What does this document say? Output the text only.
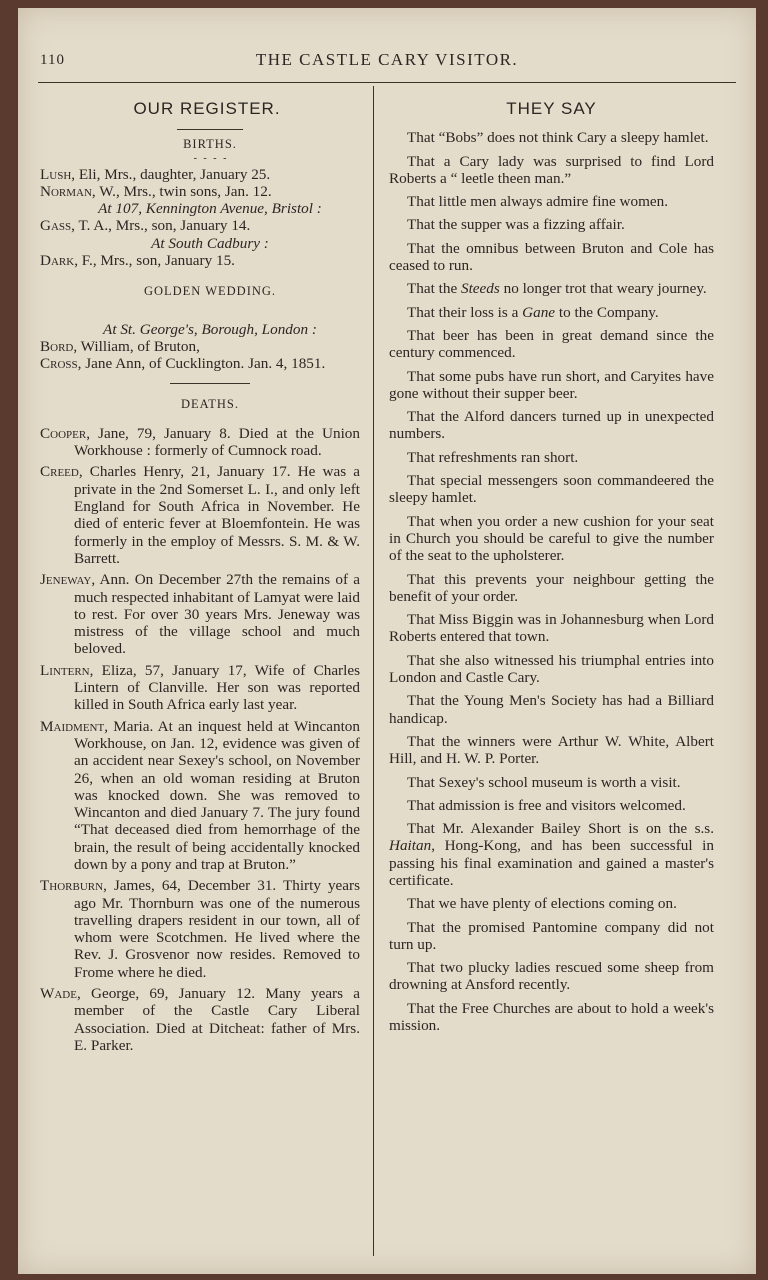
110	THE CASTLE CARY VISITOR.
OUR REGISTER.

BIRTHS.

- - - -

Lush, Eli, Mrs., daughter, January 25.

Norman, W., Mrs., twin sons, Jan. 12.

At 107, Kennington Avenue, Bristol :

Gass, T. A., Mrs., son, January 14.

At South Cadbury :

Dark, F., Mrs., son, January 15.

GOLDEN WEDDING.

At St. George's, Borough, London :

Bord, William, of Bruton,

Cross, Jane Ann, of Cucklington. Jan. 4, 1851.

DEATHS.

Cooper, Jane, 79, January 8. Died at the Union Workhouse : formerly of Cumnock road.

Creed, Charles Henry, 21, January 17. He was a private in the 2nd Somerset L. I., and only left England for South Africa in November. He died of enteric fever at Bloemfontein. He was formerly in the employ of Messrs. S. M. & W. Barrett.

Jeneway, Ann. On December 27th the remains of a much respected inhabitant of Lamyat were laid to rest. For over 30 years Mrs. Jeneway was mistress of the village school and much beloved.

Lintern, Eliza, 57, January 17, Wife of Charles Lintern of Clanville. Her son was reported killed in South Africa early last year.

Maidment, Maria. At an inquest held at Wincanton Workhouse, on Jan. 12, evidence was given of an accident near Sexey's school, on November 26, when an old woman residing at Bruton was knocked down. She was removed to Wincanton and died January 7. The jury found “That deceased died from hemorrhage of the brain, the result of being accidentally knocked down by a pony and trap at Bruton.”

Thorburn, James, 64, December 31. Thirty years ago Mr. Thornburn was one of the numerous travelling drapers resident in our town, all of whom were Scotchmen. He lived where the Rev. J. Grosvenor now resides. Removed to Frome where he died.

Wade, George, 69, January 12. Many years a member of the Castle Cary Liberal Association. Died at Ditcheat: father of Mrs. E. Parker.

THEY SAY

That “Bobs” does not think Cary a sleepy hamlet.

That a Cary lady was surprised to find Lord Roberts a “ leetle theen man.”

That little men always admire fine women.

That the supper was a fizzing affair.

That the omnibus between Bruton and Cole has ceased to run.

That the Steeds no longer trot that weary journey.

That their loss is a Gane to the Company.

That beer has been in great demand since the century commenced.

That some pubs have run short, and Caryites have gone without their supper beer.

That the Alford dancers turned up in unexpected numbers.

That refreshments ran short.

That special messengers soon commandeered the sleepy hamlet.

That when you order a new cushion for your seat in Church you should be careful to give the number of the seat to the upholsterer.

That this prevents your neighbour getting the benefit of your order.

That Miss Biggin was in Johannesburg when Lord Roberts entered that town.

That she also witnessed his triumphal entries into London and Castle Cary.

That the Young Men's Society has had a Billiard handicap.

That the winners were Arthur W. White, Albert Hill, and H. W. P. Porter.

That Sexey's school museum is worth a visit.

That admission is free and visitors welcomed.

That Mr. Alexander Bailey Short is on the s.s. Haitan, Hong-Kong, and has been successful in passing his final examination and gained a master's certificate.

That we have plenty of elections coming on.

That the promised Pantomine company did not turn up.

That two plucky ladies rescued some sheep from drowning at Ansford recently.

That the Free Churches are about to hold a week's mission.
